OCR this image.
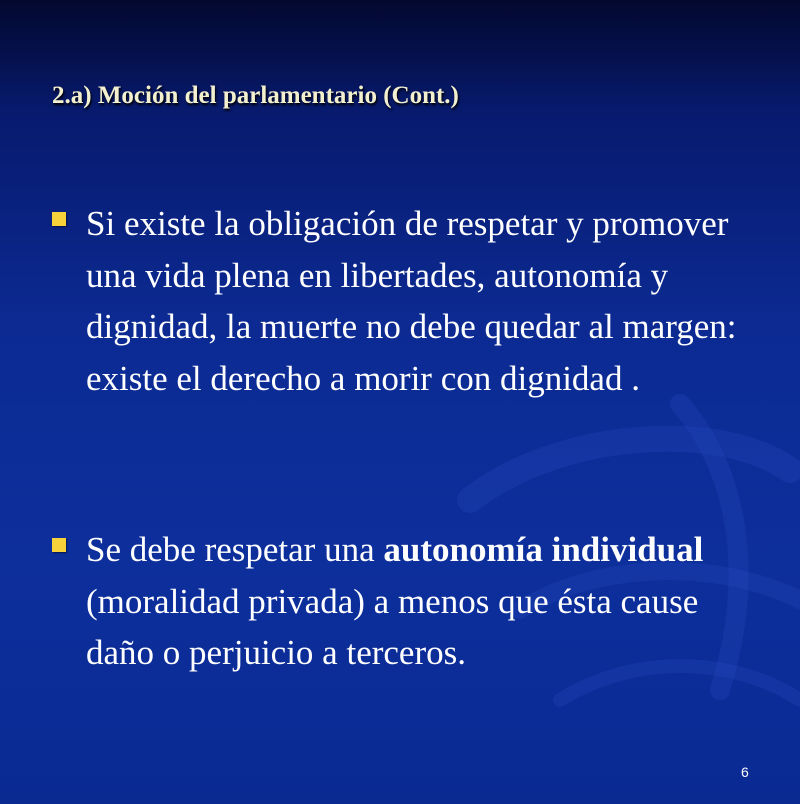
2.a) Moción del parlamentario (Cont.)
Si existe la obligación de respetar y promover una vida plena en libertades, autonomía y dignidad, la muerte no debe quedar al margen: existe el derecho a morir con dignidad .
Se debe respetar una autonomía individual (moralidad privada) a menos que ésta cause daño o perjuicio a terceros.
6
